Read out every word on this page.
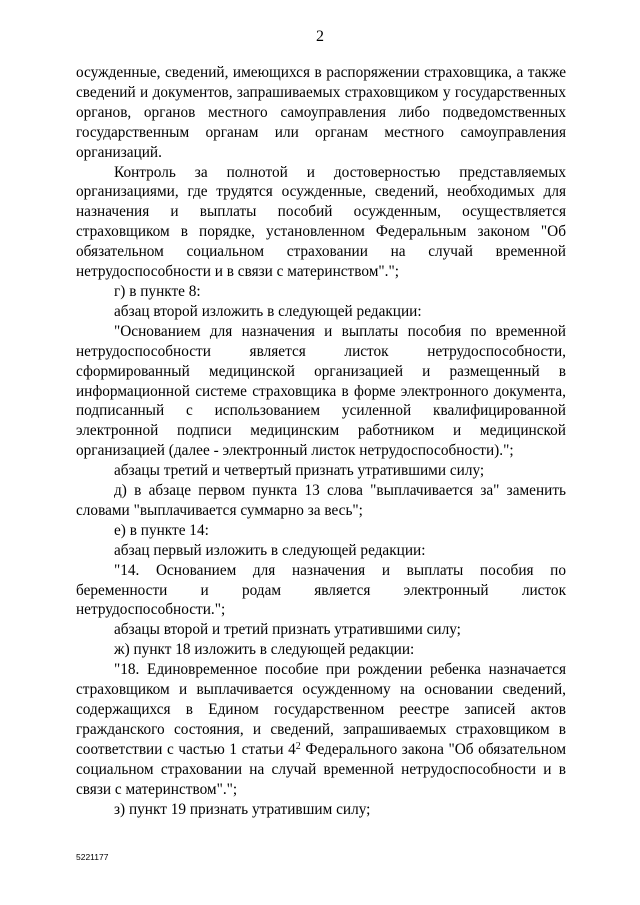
2

осужденные, сведений, имеющихся в распоряжении страховщика, а также сведений и документов, запрашиваемых страховщиком у государственных органов, органов местного самоуправления либо подведомственных государственным органам или органам местного самоуправления организаций.

Контроль за полнотой и достоверностью представляемых организациями, где трудятся осужденные, сведений, необходимых для назначения и выплаты пособий осужденным, осуществляется страховщиком в порядке, установленном Федеральным законом "Об обязательном социальном страховании на случай временной нетрудоспособности и в связи с материнством".";

г) в пункте 8:

абзац второй изложить в следующей редакции:

"Основанием для назначения и выплаты пособия по временной нетрудоспособности является листок нетрудоспособности, сформированный медицинской организацией и размещенный в информационной системе страховщика в форме электронного документа, подписанный с использованием усиленной квалифицированной электронной подписи медицинским работником и медицинской организацией (далее - электронный листок нетрудоспособности).";

абзацы третий и четвертый признать утратившими силу;

д) в абзаце первом пункта 13 слова "выплачивается за" заменить словами "выплачивается суммарно за весь";

е) в пункте 14:

абзац первый изложить в следующей редакции:

"14. Основанием для назначения и выплаты пособия по беременности и родам является электронный листок нетрудоспособности.";

абзацы второй и третий признать утратившими силу;

ж) пункт 18 изложить в следующей редакции:

"18. Единовременное пособие при рождении ребенка назначается страховщиком и выплачивается осужденному на основании сведений, содержащихся в Едином государственном реестре записей актов гражданского состояния, и сведений, запрашиваемых страховщиком в соответствии с частью 1 статьи $4^2$ Федерального закона "Об обязательном социальном страховании на случай временной нетрудоспособности и в связи с материнством".";

з) пункт 19 признать утратившим силу;

5221177
